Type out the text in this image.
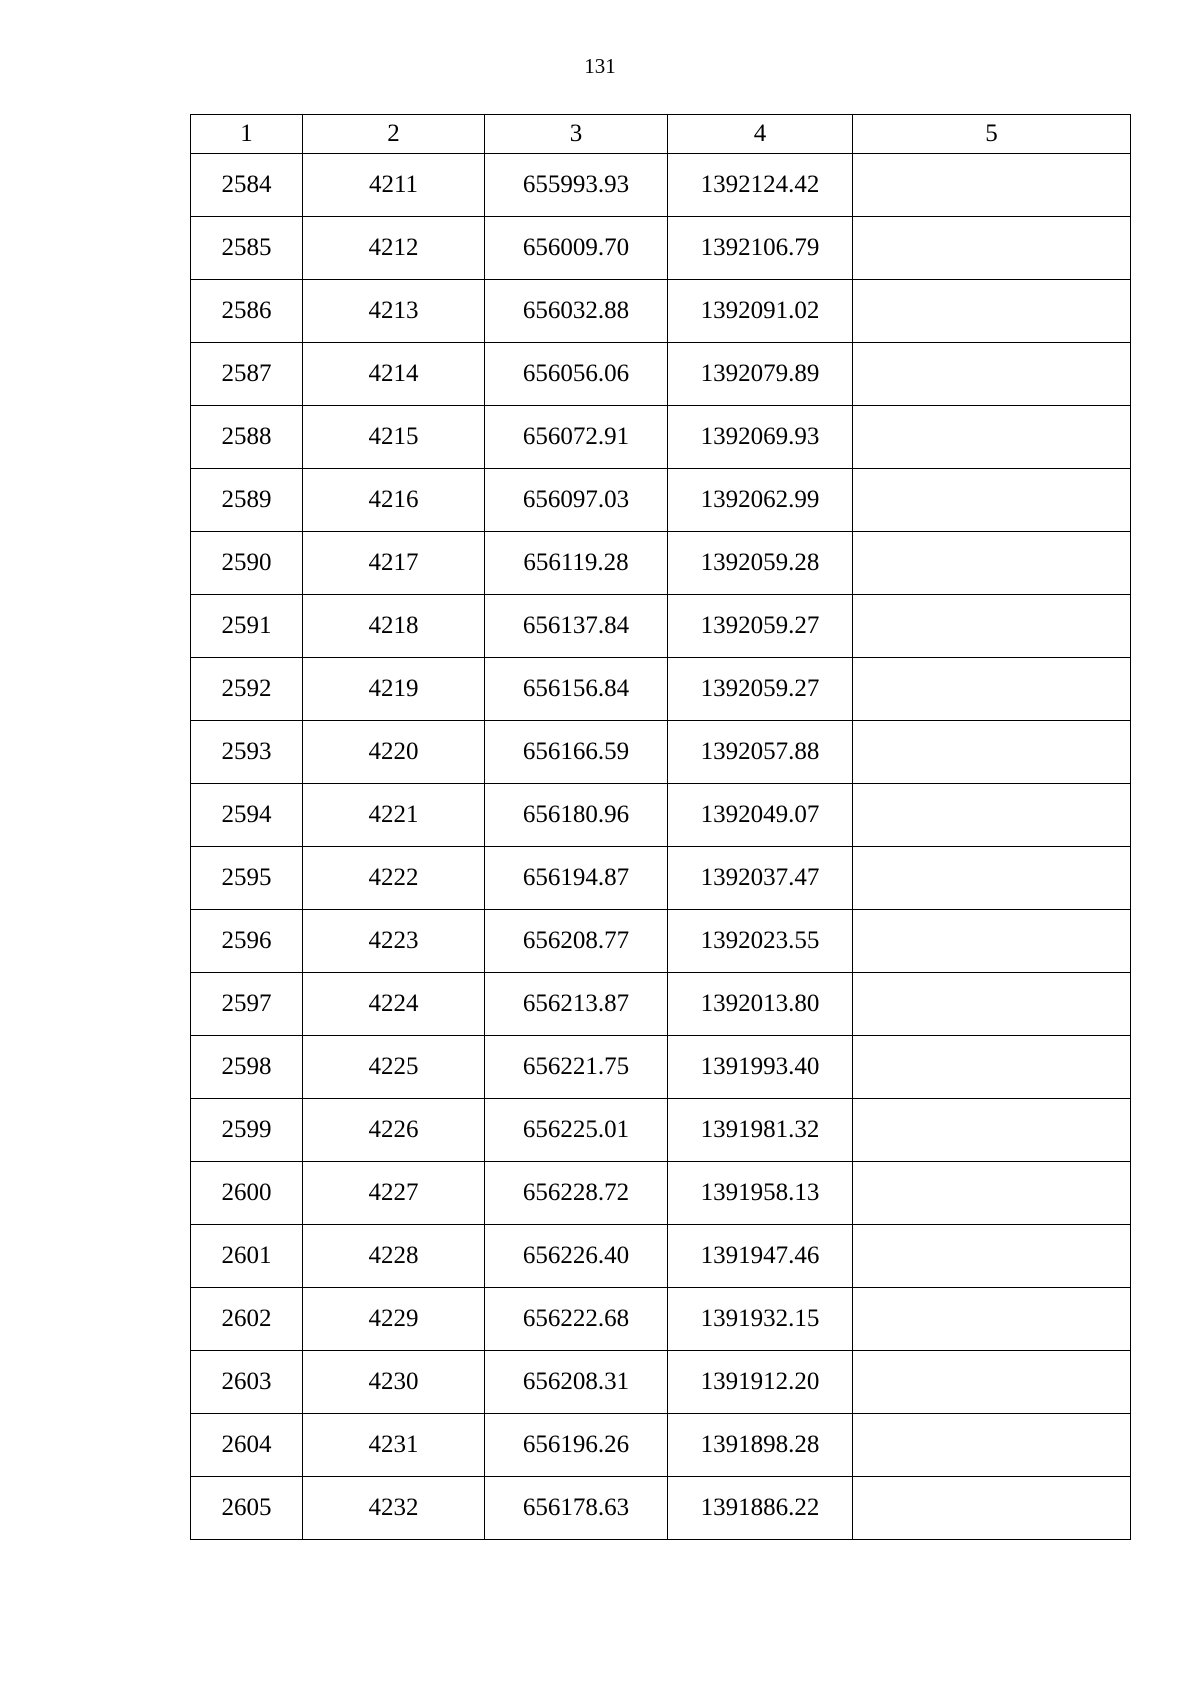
131
1	2	3	4	5
2584	4211	655993.93	1392124.42	
2585	4212	656009.70	1392106.79	
2586	4213	656032.88	1392091.02	
2587	4214	656056.06	1392079.89	
2588	4215	656072.91	1392069.93	
2589	4216	656097.03	1392062.99	
2590	4217	656119.28	1392059.28	
2591	4218	656137.84	1392059.27	
2592	4219	656156.84	1392059.27	
2593	4220	656166.59	1392057.88	
2594	4221	656180.96	1392049.07	
2595	4222	656194.87	1392037.47	
2596	4223	656208.77	1392023.55	
2597	4224	656213.87	1392013.80	
2598	4225	656221.75	1391993.40	
2599	4226	656225.01	1391981.32	
2600	4227	656228.72	1391958.13	
2601	4228	656226.40	1391947.46	
2602	4229	656222.68	1391932.15	
2603	4230	656208.31	1391912.20	
2604	4231	656196.26	1391898.28	
2605	4232	656178.63	1391886.22	
